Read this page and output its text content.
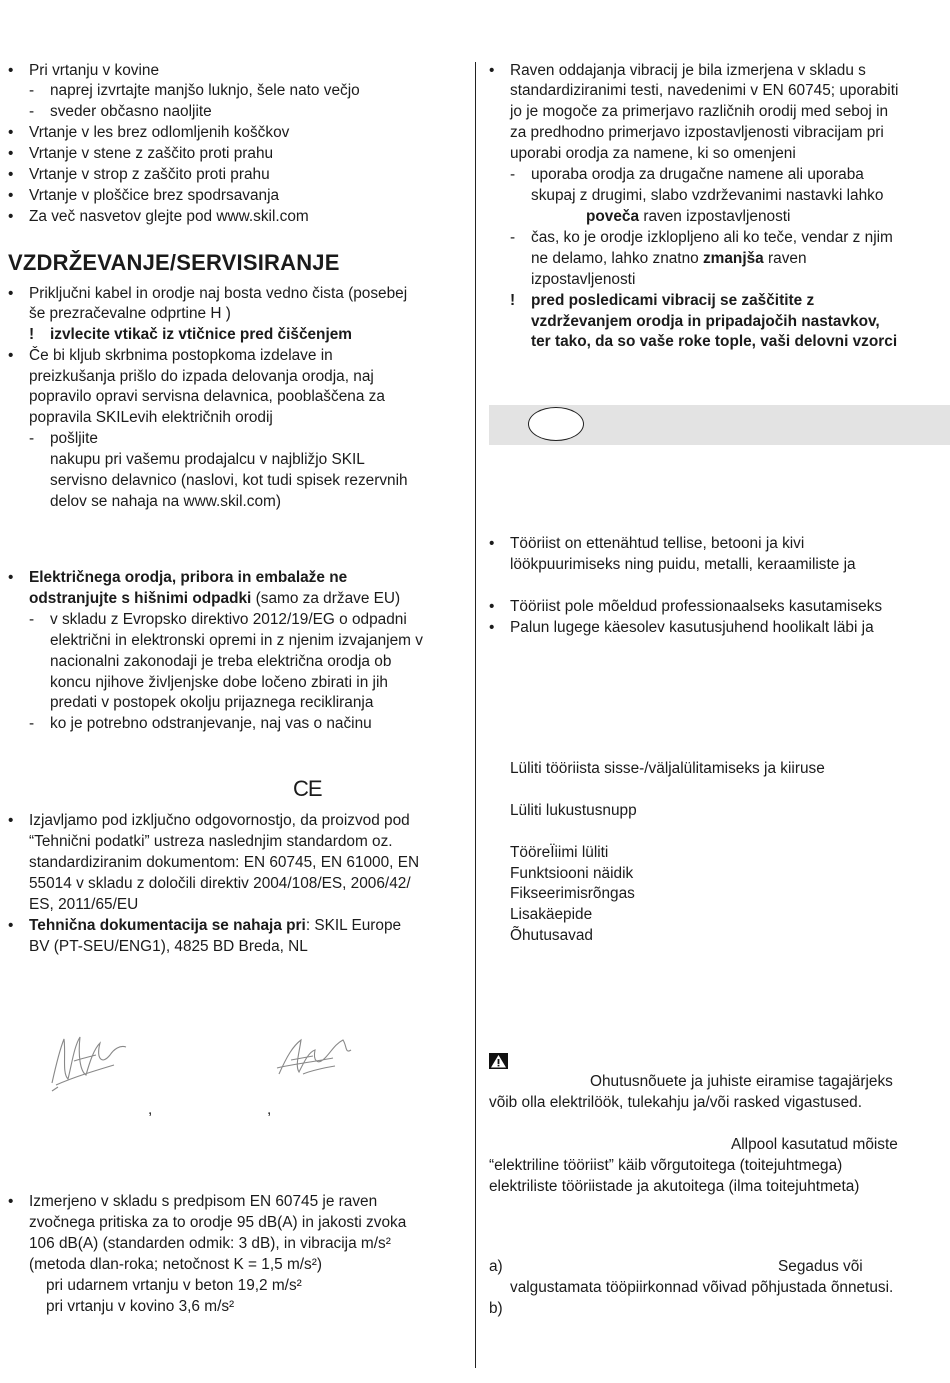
• Pri vrtanju v kovine
- naprej izvrtajte manjšo luknjo, šele nato večjo
- sveder občasno naoljite
• Vrtanje v les brez odlomljenih koščkov
• Vrtanje v stene z zaščito proti prahu
• Vrtanje v strop z zaščito proti prahu
• Vrtanje v ploščice brez spodrsavanja
• Za več nasvetov glejte pod www.skil.com
VZDRŽEVANJE/SERVISIRANJE
• Priključni kabel in orodje naj bosta vedno čista (posebej
še prezračevalne odprtine H )
! izvlecite vtikač iz vtičnice pred čiščenjem
• Če bi kljub skrbnima postopkoma izdelave in
preizkušanja prišlo do izpada delovanja orodja, naj
popravilo opravi servisna delavnica, pooblaščena za
popravila SKILevih električnih orodij
- pošljite
nakupu pri vašemu prodajalcu v najbližjo SKIL
servisno delavnico (naslovi, kot tudi spisek rezervnih
delov se nahaja na www.skil.com)
• Električnega orodja, pribora in embalaže ne
odstranjujte s hišnimi odpadki (samo za države EU)
- v skladu z Evropsko direktivo 2012/19/EG o odpadni
električni in elektronski opremi in z njenim izvajanjem v
nacionalni zakonodaji je treba električna orodja ob
koncu njihove življenjske dobe ločeno zbirati in jih
predati v postopek okolju prijaznega recikliranja
- ko je potrebno odstranjevanje, naj vas o načinu
CE
• Izjavljamo pod izključno odgovornostjo, da proizvod pod
“Tehnični podatki” ustreza naslednjim standardom oz.
standardiziranim dokumentom: EN 60745, EN 61000, EN
55014 v skladu z določili direktiv 2004/108/ES, 2006/42/
ES, 2011/65/EU
• Tehnična dokumentacija se nahaja pri: SKIL Europe
BV (PT-SEU/ENG1), 4825 BD Breda, NL
,	,
• Izmerjeno v skladu s predpisom EN 60745 je raven
zvočnega pritiska za to orodje 95 dB(A) in jakosti zvoka
106 dB(A) (standarden odmik: 3 dB), in vibracija m/s²
(metoda dlan-roka; netočnost K = 1,5 m/s²)
pri udarnem vrtanju v beton 19,2 m/s²
pri vrtanju v kovino 3,6 m/s²
• Raven oddajanja vibracij je bila izmerjena v skladu s
standardiziranimi testi, navedenimi v EN 60745; uporabiti
jo je mogoče za primerjavo različnih orodij med seboj in
za predhodno primerjavo izpostavljenosti vibracijam pri
uporabi orodja za namene, ki so omenjeni
- uporaba orodja za drugačne namene ali uporaba
skupaj z drugimi, slabo vzdrževanimi nastavki lahko
poveča raven izpostavljenosti
- čas, ko je orodje izklopljeno ali ko teče, vendar z njim
ne delamo, lahko znatno zmanjša raven
izpostavljenosti
! pred posledicami vibracij se zaščitite z
vzdrževanjem orodja in pripadajočih nastavkov,
ter tako, da so vaše roke tople, vaši delovni vzorci
• Tööriist on ettenähtud tellise, betooni ja kivi
löökpuurimiseks ning puidu, metalli, keraamiliste ja
• Tööriist pole mõeldud professionaalseks kasutamiseks
• Palun lugege käesolev kasutusjuhend hoolikalt läbi ja
Lüliti tööriista sisse-/väljalülitamiseks ja kiiruse
Lüliti lukustusnupp
TööreÏiimi lüliti
Funktsiooni näidik
Fikseerimisrõngas
Lisakäepide
Õhutusavad
Ohutusnõuete ja juhiste eiramise tagajärjeks
võib olla elektrilöök, tulekahju ja/või rasked vigastused.
Allpool kasutatud mõiste
“elektriline tööriist” käib võrgutoitega (toitejuhtmega)
elektriliste tööriistade ja akutoitega (ilma toitejuhtmeta)
a)	Segadus või
valgustamata tööpiirkonnad võivad põhjustada õnnetusi.
b)
